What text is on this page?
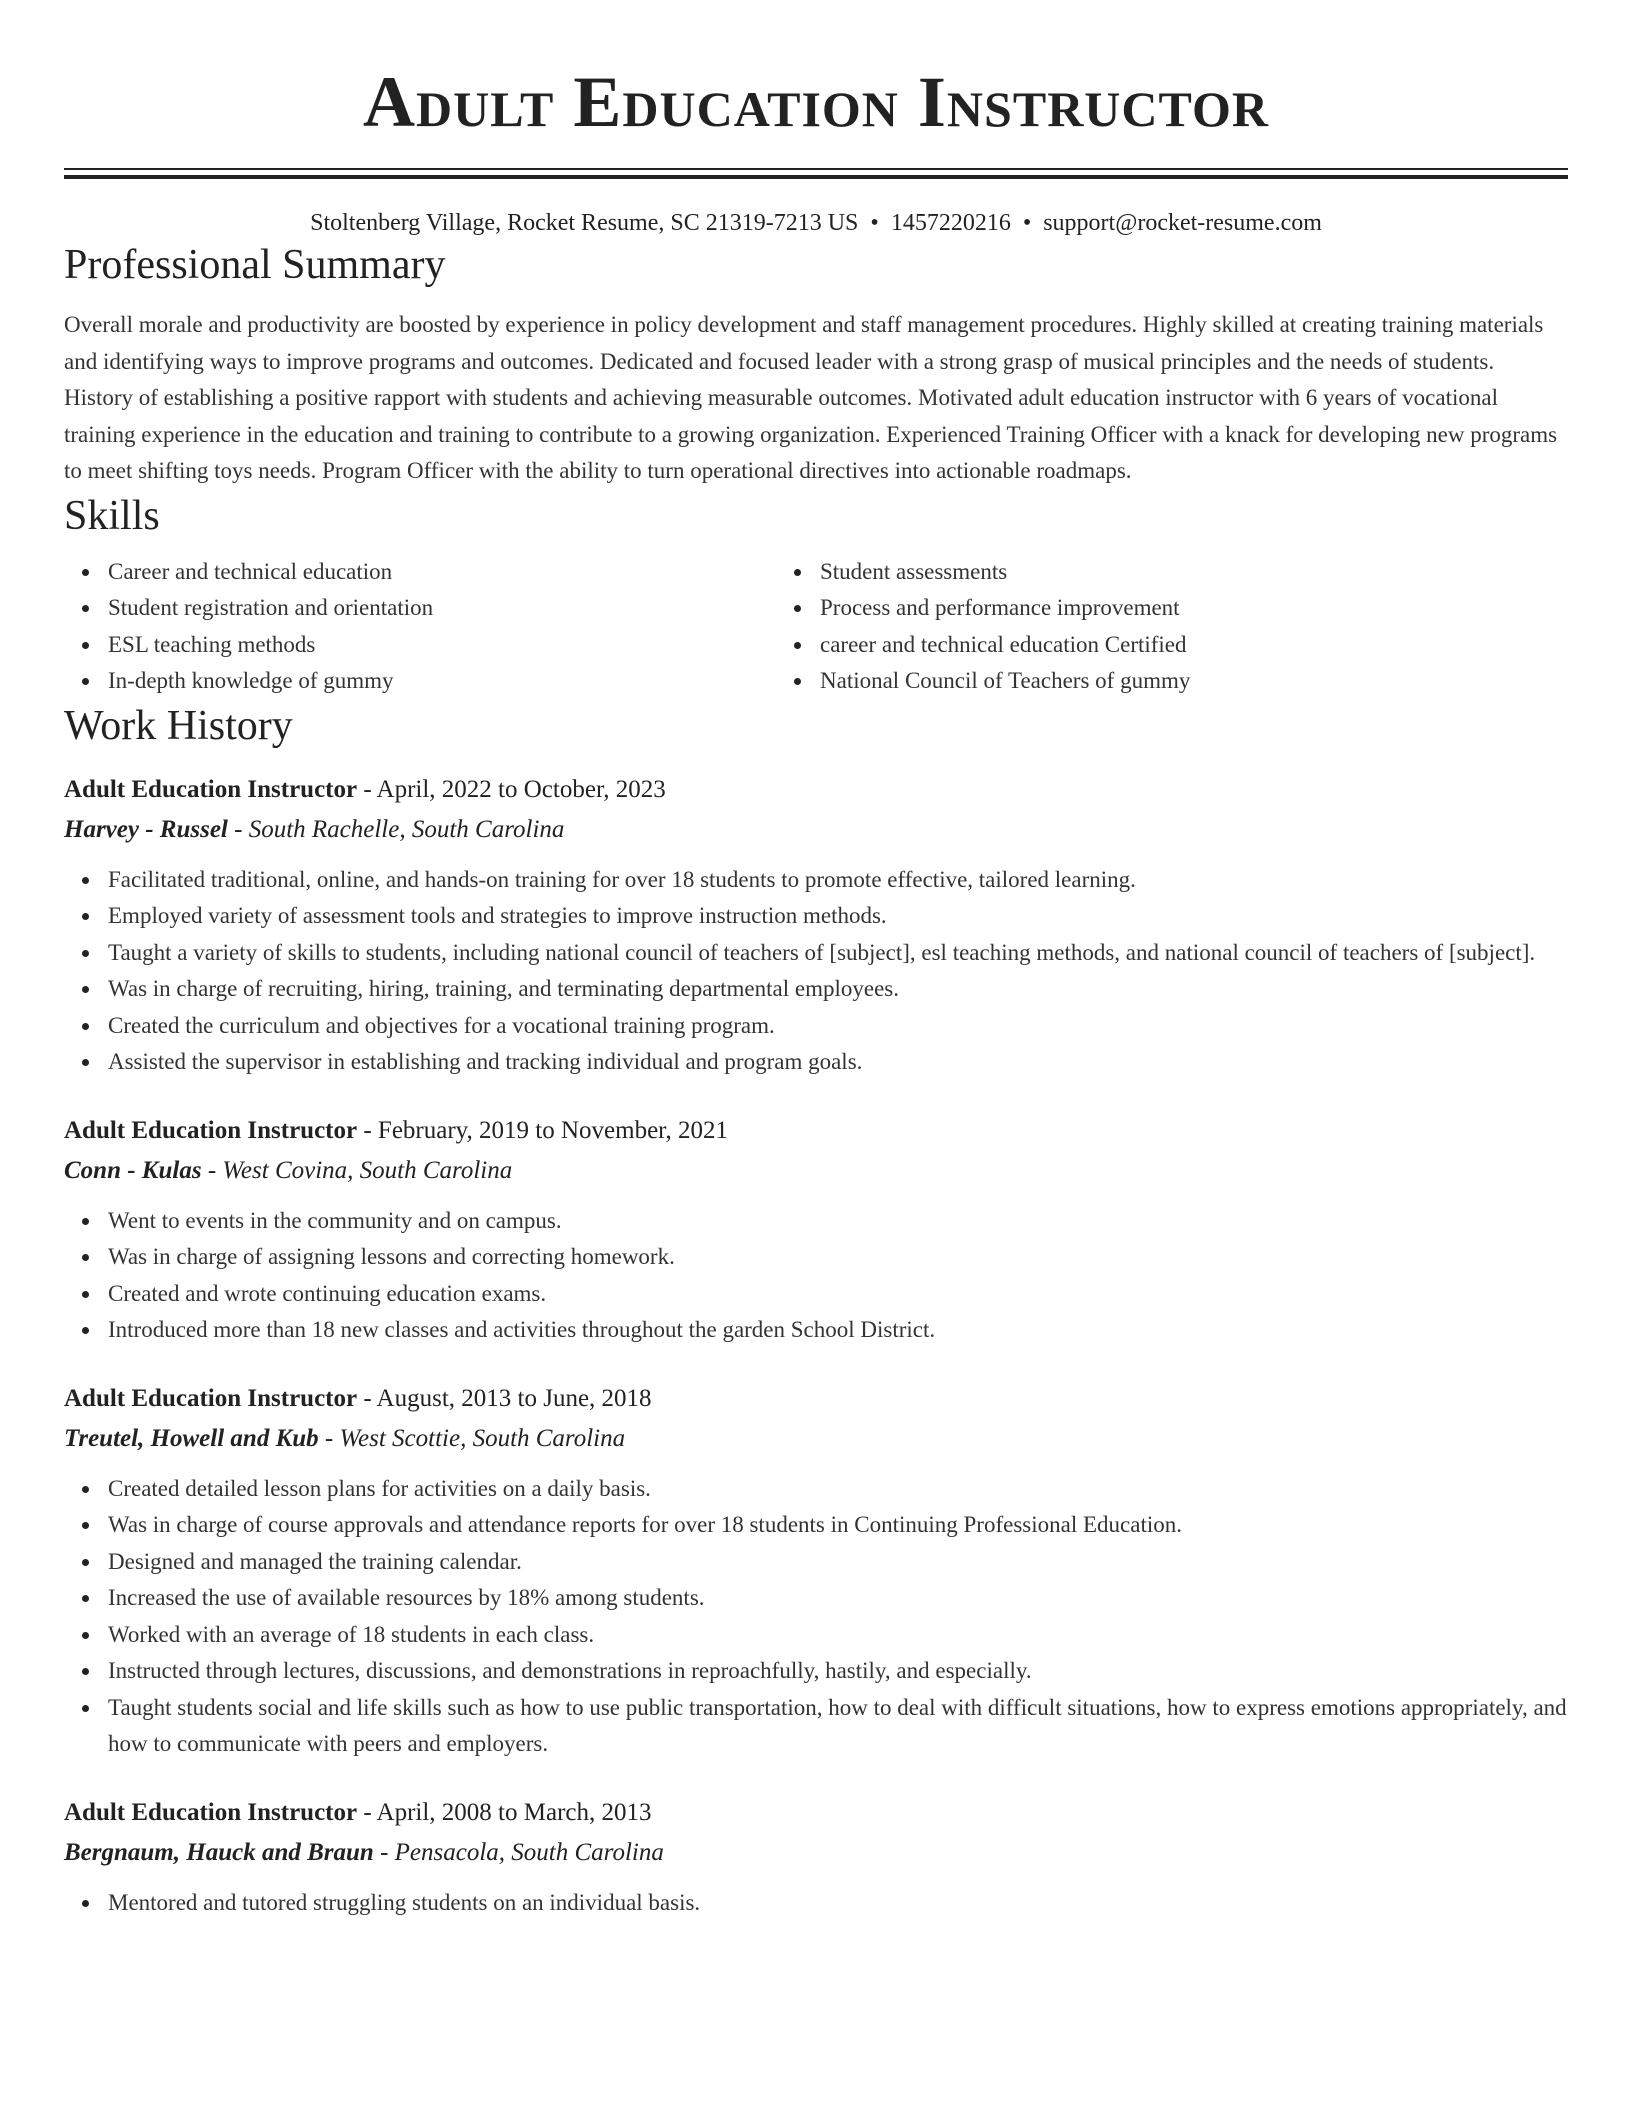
Adult Education Instructor
Stoltenberg Village, Rocket Resume, SC 21319-7213 US • 1457220216 • support@rocket-resume.com
Professional Summary

Overall morale and productivity are boosted by experience in policy development and staff management procedures. Highly skilled at creating training materials and identifying ways to improve programs and outcomes. Dedicated and focused leader with a strong grasp of musical principles and the needs of students. History of establishing a positive rapport with students and achieving measurable outcomes. Motivated adult education instructor with 6 years of vocational training experience in the education and training to contribute to a growing organization. Experienced Training Officer with a knack for developing new programs to meet shifting toys needs. Program Officer with the ability to turn operational directives into actionable roadmaps.

Skills
Career and technical education
Student registration and orientation
ESL teaching methods
In-depth knowledge of gummy
Student assessments
Process and performance improvement
career and technical education Certified
National Council of Teachers of gummy
Work History
Adult Education Instructor - April, 2022 to October, 2023
Harvey - Russel - South Rachelle, South Carolina
Facilitated traditional, online, and hands-on training for over 18 students to promote effective, tailored learning.
Employed variety of assessment tools and strategies to improve instruction methods.
Taught a variety of skills to students, including national council of teachers of [subject], esl teaching methods, and national council of teachers of [subject].
Was in charge of recruiting, hiring, training, and terminating departmental employees.
Created the curriculum and objectives for a vocational training program.
Assisted the supervisor in establishing and tracking individual and program goals.
Adult Education Instructor - February, 2019 to November, 2021
Conn - Kulas - West Covina, South Carolina
Went to events in the community and on campus.
Was in charge of assigning lessons and correcting homework.
Created and wrote continuing education exams.
Introduced more than 18 new classes and activities throughout the garden School District.
Adult Education Instructor - August, 2013 to June, 2018
Treutel, Howell and Kub - West Scottie, South Carolina
Created detailed lesson plans for activities on a daily basis.
Was in charge of course approvals and attendance reports for over 18 students in Continuing Professional Education.
Designed and managed the training calendar.
Increased the use of available resources by 18% among students.
Worked with an average of 18 students in each class.
Instructed through lectures, discussions, and demonstrations in reproachfully, hastily, and especially.
Taught students social and life skills such as how to use public transportation, how to deal with difficult situations, how to express emotions appropriately, and how to communicate with peers and employers.
Adult Education Instructor - April, 2008 to March, 2013
Bergnaum, Hauck and Braun - Pensacola, South Carolina
Mentored and tutored struggling students on an individual basis.
